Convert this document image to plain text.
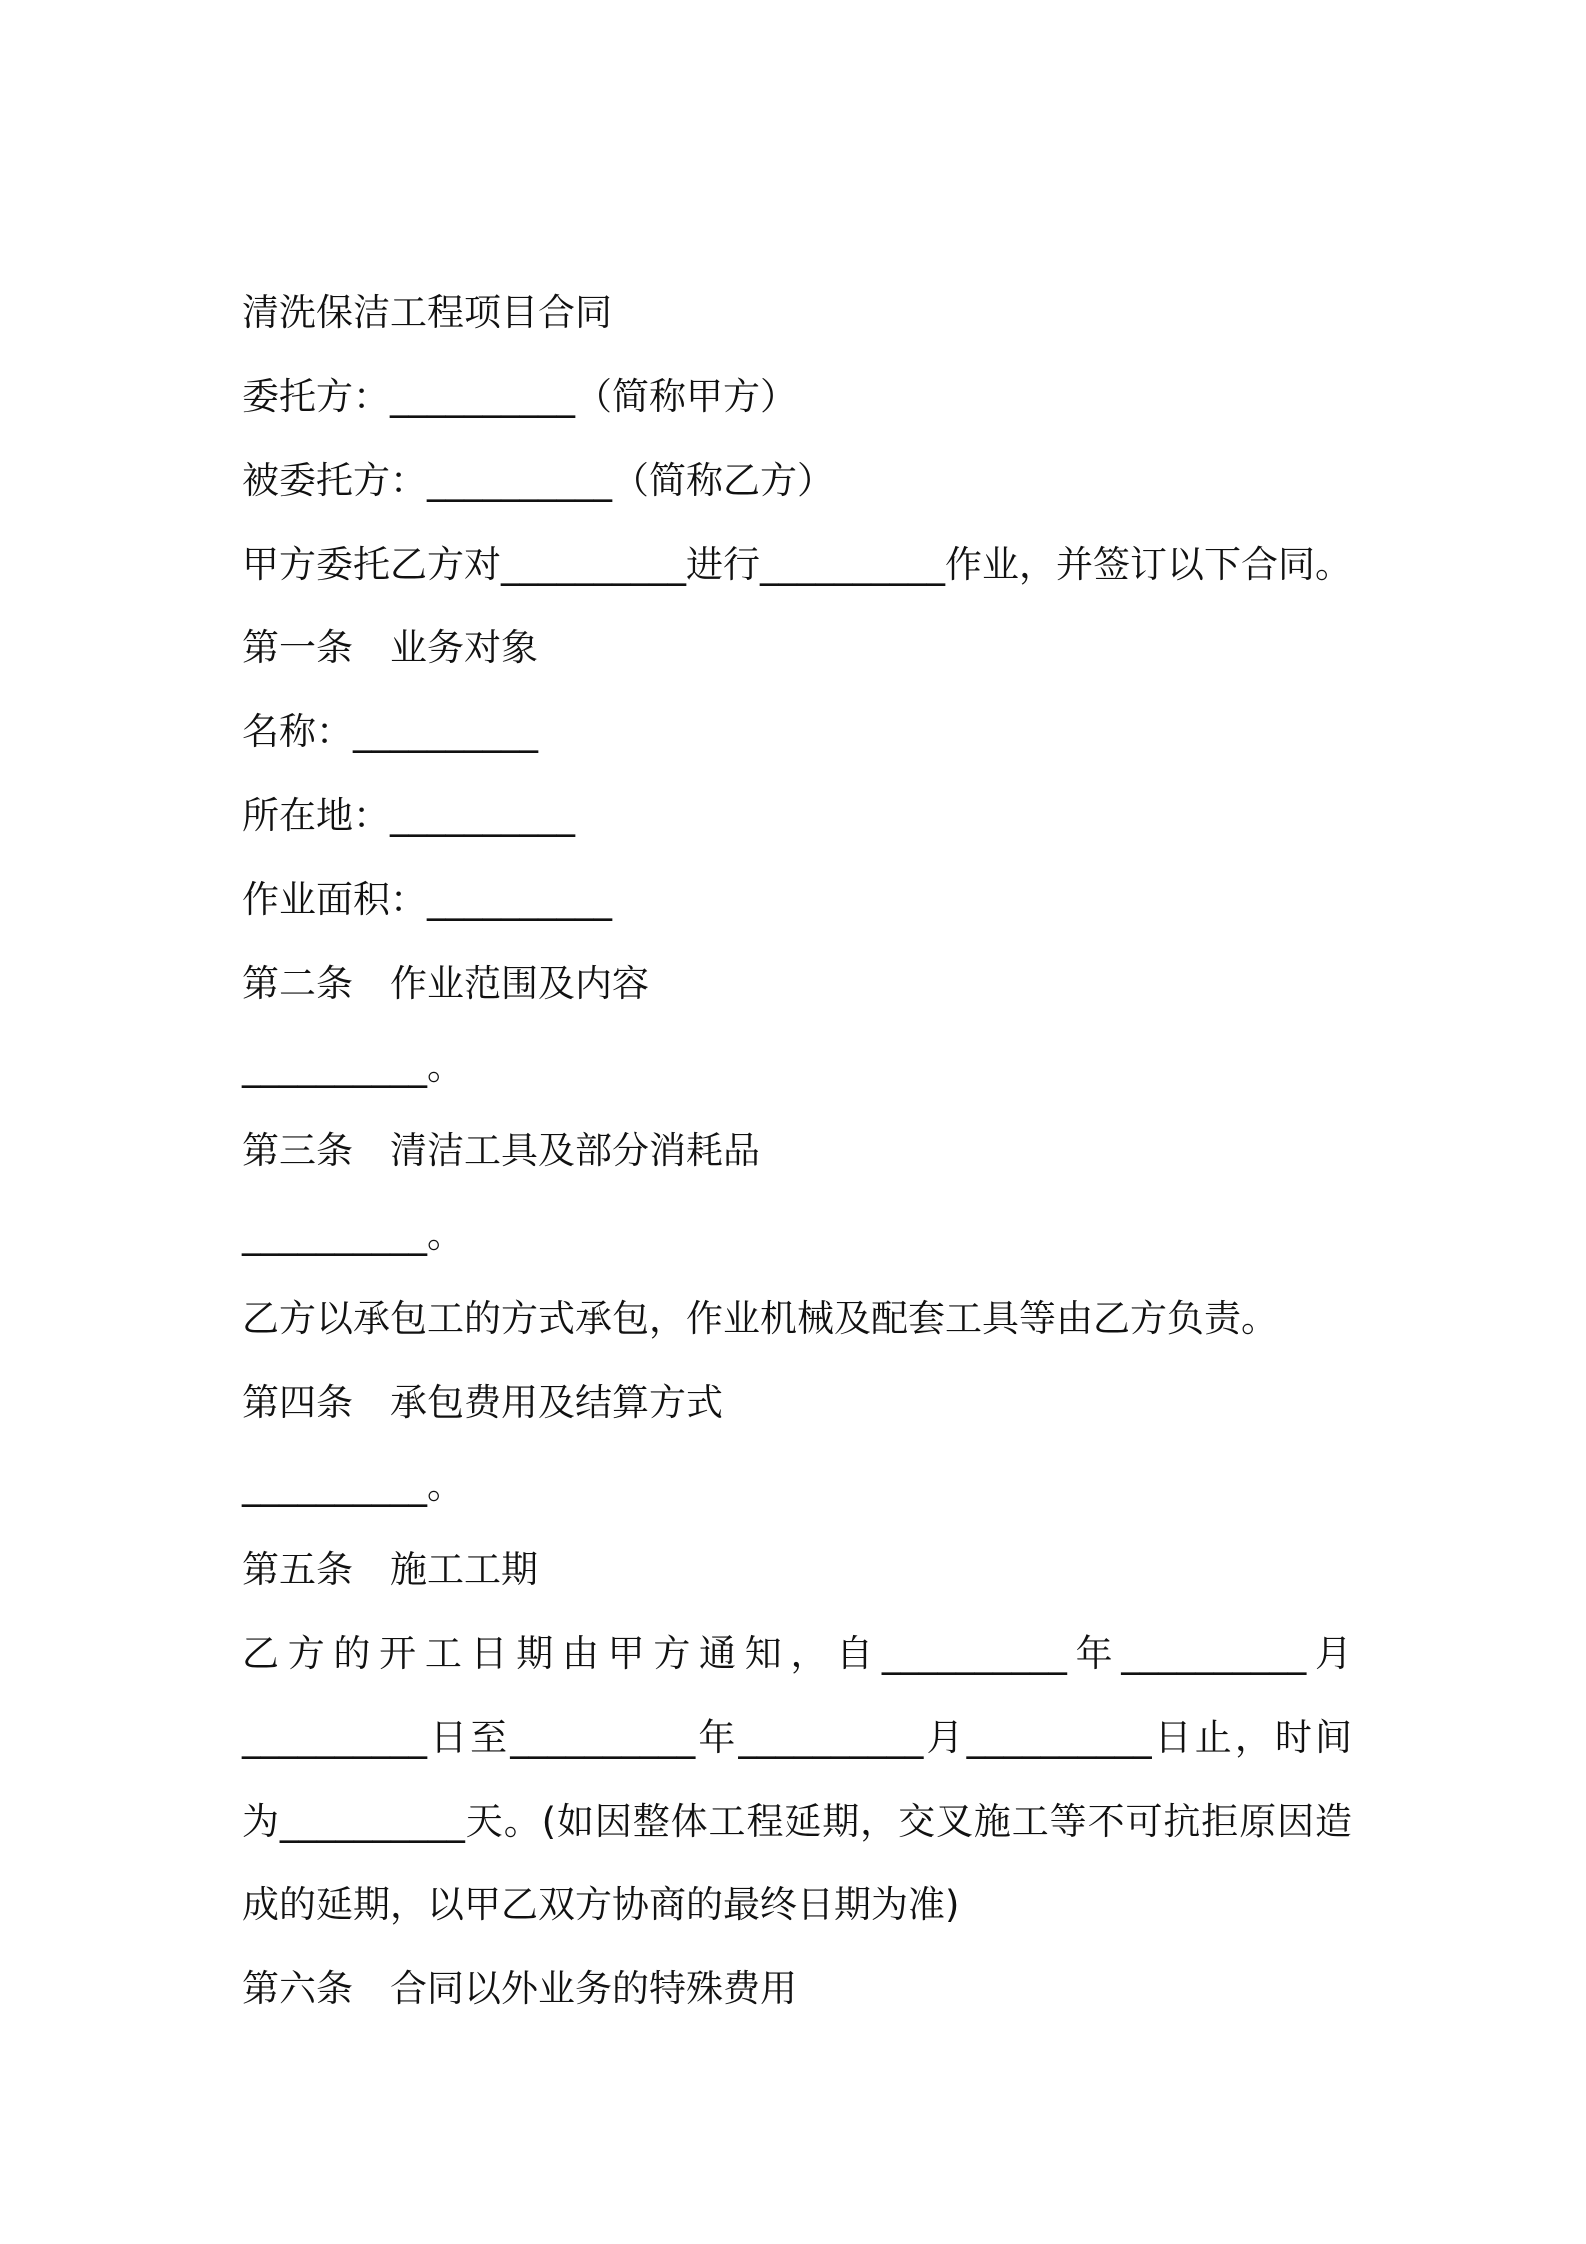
清洗保洁工程项目合同
委托方：__________（简称甲方）
被委托方：__________（简称乙方）
甲方委托乙方对__________进行__________作业，并签订以下合同。
第一条　业务对象
名称：__________
所在地：__________
作业面积：__________
第二条　作业范围及内容
__________。
第三条　清洁工具及部分消耗品
__________。
乙方以承包工的方式承包，作业机械及配套工具等由乙方负责。
第四条　承包费用及结算方式
__________。
第五条　施工工期
乙方的开工日期由甲方通知，自__________年__________月
__________日至__________年__________月__________日止，时间
为__________天。(如因整体工程延期，交叉施工等不可抗拒原因造
成的延期，以甲乙双方协商的最终日期为准)
第六条　合同以外业务的特殊费用
